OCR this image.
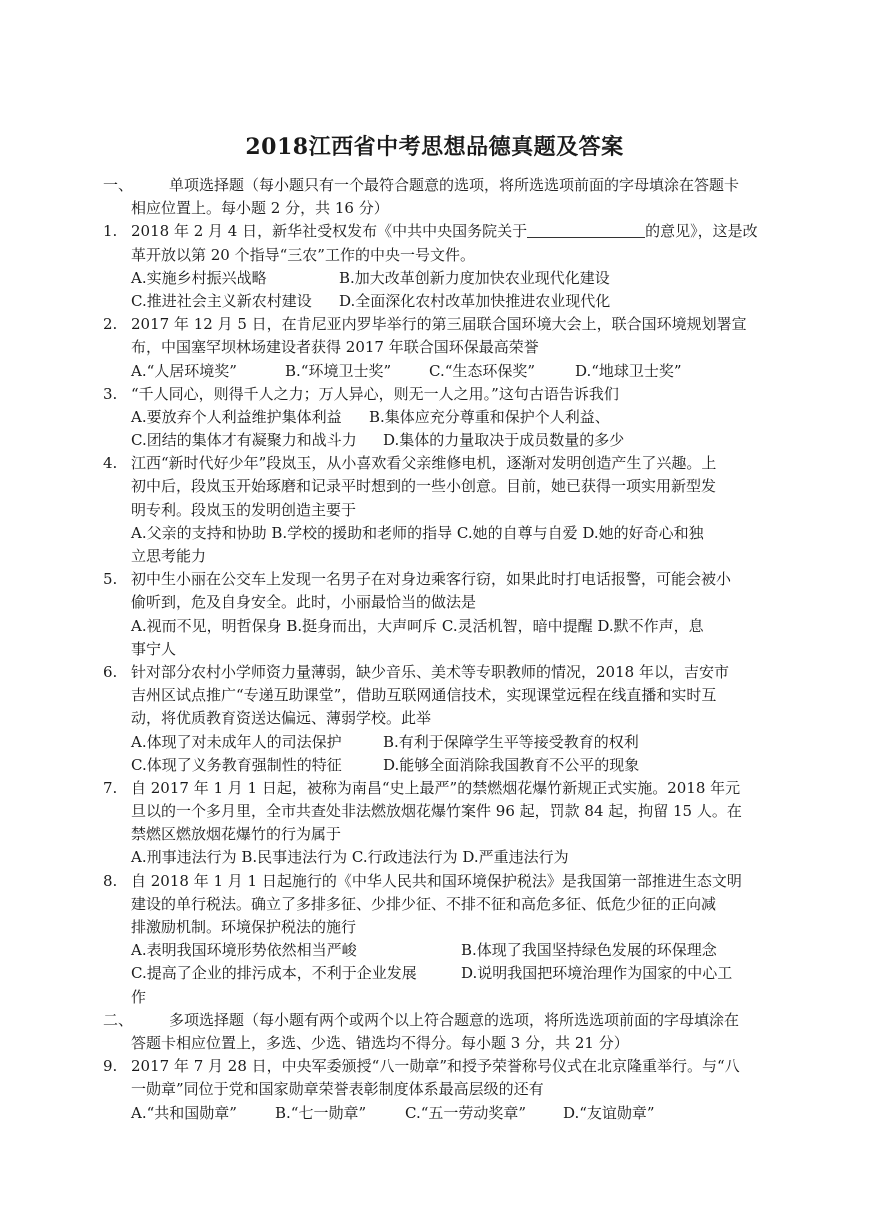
2018江西省中考思想品德真题及答案
一、 单项选择题（每小题只有一个最符合题意的选项，将所选选项前面的字母填涂在答题卡
相应位置上。每小题 2 分，共 16 分）
1. 2018 年 2 月 4 日，新华社受权发布《中共中央国务院关于	的意见》，这是改
革开放以第 20 个指导“三农”工作的中央一号文件。
A.实施乡村振兴战略	B.加大改革创新力度加快农业现代化建设
C.推进社会主义新农村建设 D.全面深化农村改革加快推进农业现代化
2. 2017 年 12 月 5 日，在肯尼亚内罗毕举行的第三届联合国环境大会上，联合国环境规划署宣
布，中国塞罕坝林场建设者获得 2017 年联合国环保最高荣誉
A.“人居环境奖”	B.“环境卫士奖”	C.“生态环保奖”	D.“地球卫士奖”
3. “千人同心，则得千人之力；万人异心，则无一人之用。”这句古语告诉我们
A.要放弃个人利益维护集体利益 B.集体应充分尊重和保护个人利益、
C.团结的集体才有凝聚力和战斗力 D.集体的力量取决于成员数量的多少
4. 江西“新时代好少年”段岚玉，从小喜欢看父亲维修电机，逐渐对发明创造产生了兴趣。上
初中后，段岚玉开始琢磨和记录平时想到的一些小创意。目前，她已获得一项实用新型发
明专利。段岚玉的发明创造主要于
A.父亲的支持和协助 B.学校的援助和老师的指导 C.她的自尊与自爱 D.她的好奇心和独
立思考能力
5. 初中生小丽在公交车上发现一名男子在对身边乘客行窃，如果此时打电话报警，可能会被小
偷听到，危及自身安全。此时，小丽最恰当的做法是
A.视而不见，明哲保身 B.挺身而出，大声呵斥 C.灵活机智，暗中提醒 D.默不作声，息
事宁人
6. 针对部分农村小学师资力量薄弱，缺少音乐、美术等专职教师的情况，2018 年以，吉安市
吉州区试点推广“专递互助课堂”，借助互联网通信技术，实现课堂远程在线直播和实时互
动，将优质教育资送达偏远、薄弱学校。此举
A.体现了对未成年人的司法保护	B.有利于保障学生平等接受教育的权利
C.体现了义务教育强制性的特征	D.能够全面消除我国教育不公平的现象
7. 自 2017 年 1 月 1 日起，被称为南昌“史上最严”的禁燃烟花爆竹新规正式实施。2018 年元
旦以的一个多月里，全市共查处非法燃放烟花爆竹案件 96 起，罚款 84 起，拘留 15 人。在
禁燃区燃放烟花爆竹的行为属于
A.刑事违法行为 B.民事违法行为 C.行政违法行为 D.严重违法行为
8. 自 2018 年 1 月 1 日起施行的《中华人民共和国环境保护税法》是我国第一部推进生态文明
建设的单行税法。确立了多排多征、少排少征、不排不征和高危多征、低危少征的正向减
排激励机制。环境保护税法的施行
A.表明我国环境形势依然相当严峻	B.体现了我国坚持绿色发展的环保理念
C.提高了企业的排污成本，不利于企业发展	D.说明我国把环境治理作为国家的中心工
作
二、 多项选择题（每小题有两个或两个以上符合题意的选项，将所选选项前面的字母填涂在
答题卡相应位置上，多选、少选、错选均不得分。每小题 3 分，共 21 分）
9. 2017 年 7 月 28 日，中央军委颁授“八一勋章”和授予荣誉称号仪式在北京隆重举行。与“八
一勋章”同位于党和国家勋章荣誉表彰制度体系最高层级的还有
A.“共和国勋章”	B.“七一勋章”	C.“五一劳动奖章” D.“友谊勋章”
